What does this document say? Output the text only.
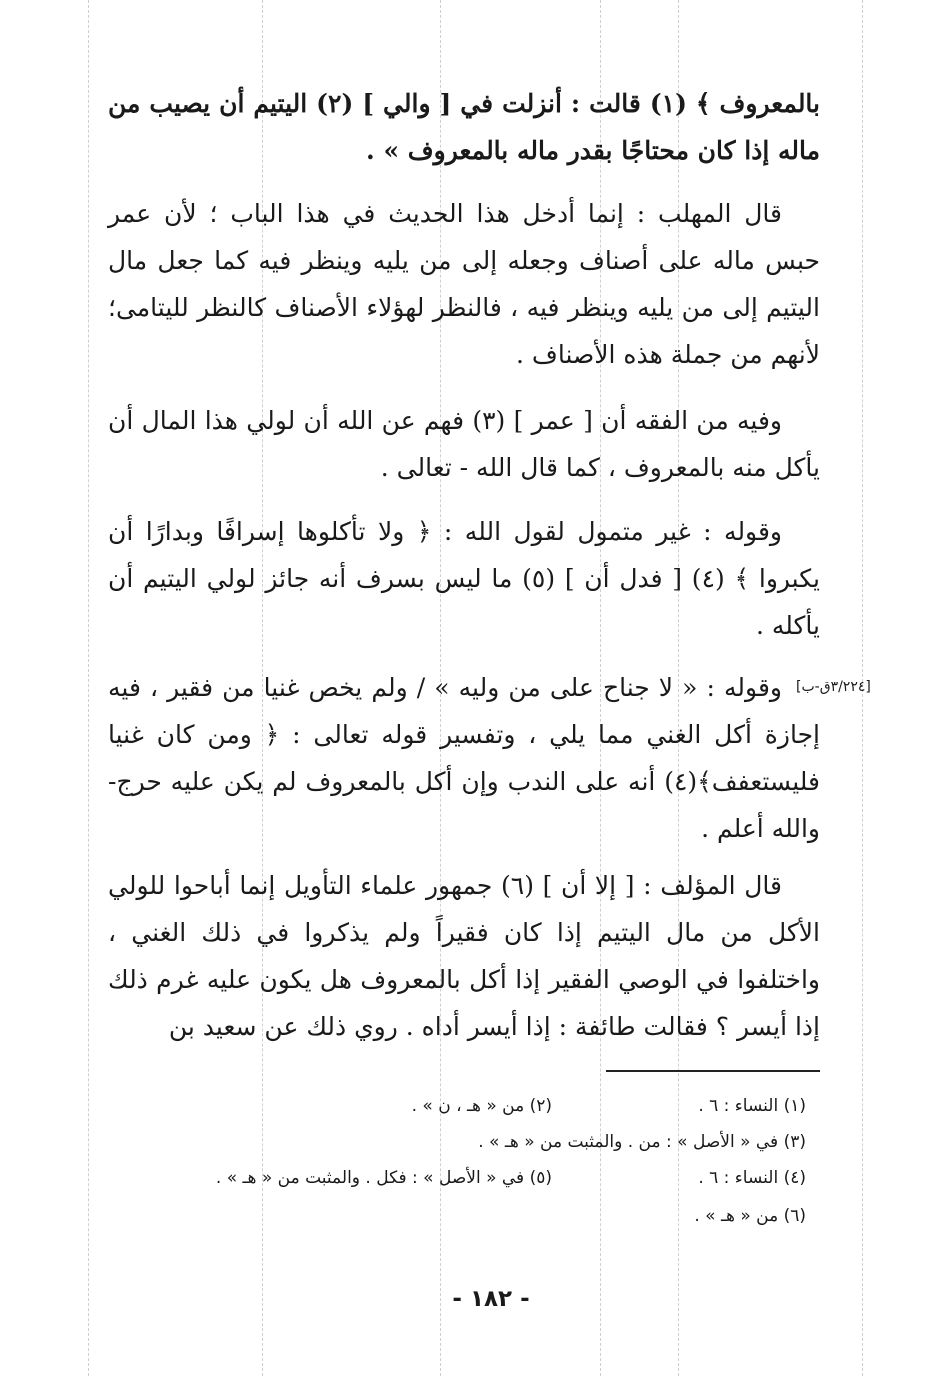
بالمعروف ﴾ (١) قالت : أنزلت في [ والي ] (٢) اليتيم أن يصيب من ماله إذا كان محتاجًا بقدر ماله بالمعروف » .
قال المهلب : إنما أدخل هذا الحديث في هذا الباب ؛ لأن عمر حبس ماله على أصناف وجعله إلى من يليه وينظر فيه كما جعل مال اليتيم إلى من يليه وينظر فيه ، فالنظر لهؤلاء الأصناف كالنظر لليتامى؛ لأنهم من جملة هذه الأصناف .
وفيه من الفقه أن [ عمر ] (٣) فهم عن الله أن لولي هذا المال أن يأكل منه بالمعروف ، كما قال الله - تعالى .
وقوله : غير متمول لقول الله : ﴿ ولا تأكلوها إسرافًا وبدارًا أن يكبروا ﴾ (٤) [ فدل أن ] (٥) ما ليس بسرف أنه جائز لولي اليتيم أن يأكله .
[٣/٢٢٤ق-ب]
وقوله : « لا جناح على من وليه » / ولم يخص غنيا من فقير ، فيه إجازة أكل الغني مما يلي ، وتفسير قوله تعالى : ﴿ ومن كان غنيا فليستعفف﴾(٤) أنه على الندب وإن أكل بالمعروف لم يكن عليه حرج- والله أعلم .
قال المؤلف : [ إلا أن ] (٦) جمهور علماء التأويل إنما أباحوا للولي الأكل من مال اليتيم إذا كان فقيراً ولم يذكروا في ذلك الغني ، واختلفوا في الوصي الفقير إذا أكل بالمعروف هل يكون عليه غرم ذلك إذا أيسر ؟ فقالت طائفة : إذا أيسر أداه . روي ذلك عن سعيد بن
(١) النساء : ٦ .
(٢) من « هـ ، ن » .
(٣) في « الأصل » : من . والمثبت من « هـ » .
(٤) النساء : ٦ .
(٥) في « الأصل » : فكل . والمثبت من « هـ » .
(٦) من « هـ » .
- ١٨٢ -
